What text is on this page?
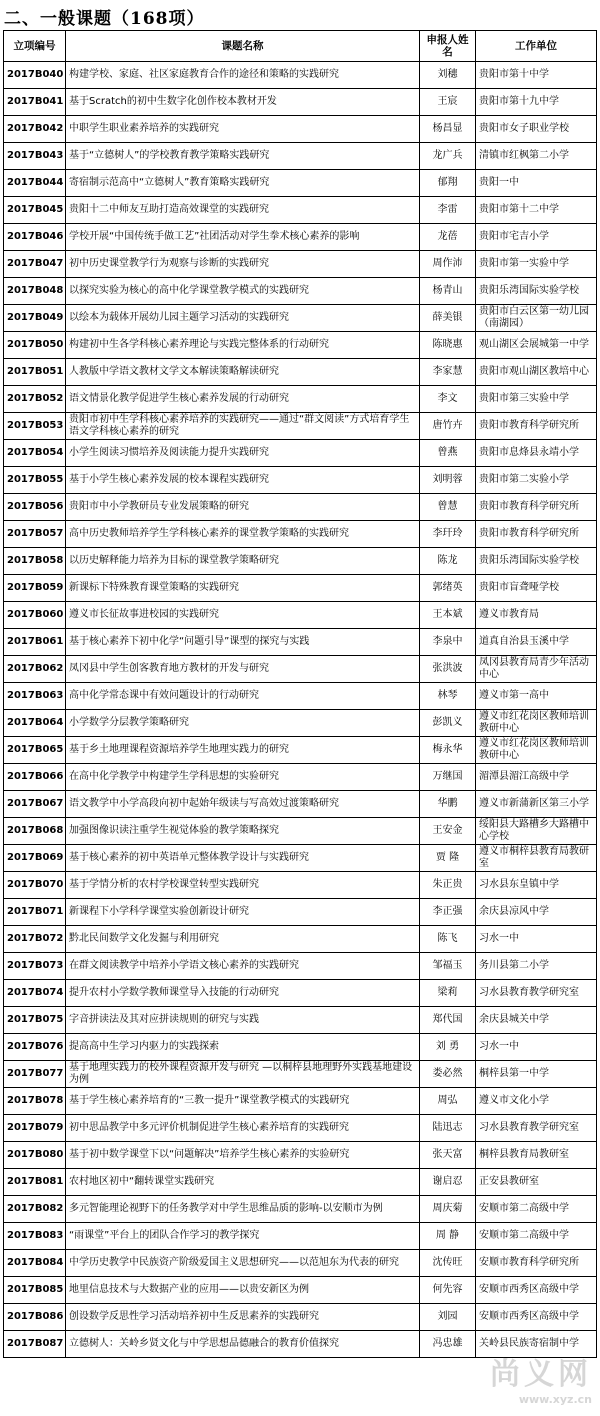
二、一般课题（168项）
立项编号	课题名称	申报人姓名	工作单位
2017B040	构建学校、家庭、社区家庭教育合作的途径和策略的实践研究	刘穗	贵阳市第十中学
2017B041	基于Scratch的初中生数字化创作校本教材开发	王宸	贵阳市第十九中学
2017B042	中职学生职业素养培养的实践研究	杨昌显	贵阳市女子职业学校
2017B043	基于“立德树人”的学校教育教学策略实践研究	龙广兵	清镇市红枫第二小学
2017B044	寄宿制示范高中“立德树人”教育策略实践研究	郁翔	贵阳一中
2017B045	贵阳十二中师友互助打造高效课堂的实践研究	李雷	贵阳市第十二中学
2017B046	学校开展“中国传统手做工艺”社团活动对学生拳术核心素养的影响	龙蓓	贵阳市宅吉小学
2017B047	初中历史课堂教学行为观察与诊断的实践研究	周作沛	贵阳市第一实验中学
2017B048	以探究实验为核心的高中化学课堂教学模式的实践研究	杨青山	贵阳乐湾国际实验学校
2017B049	以绘本为载体开展幼儿园主题学习活动的实践研究	薛美银	贵阳市白云区第一幼儿园（南湖园）
2017B050	构建初中生各学科核心素养理论与实践完整体系的行动研究	陈晓惠	观山湖区会展城第一中学
2017B051	人教版中学语文教材文学文本解读策略解读研究	李家慧	贵阳市观山湖区教培中心
2017B052	语文情景化教学促进学生核心素养发展的行动研究	李文	贵阳市第三实验中学
2017B053	贵阳市初中生学科核心素养培养的实践研究——通过“群文阅读”方式培育学生语文学科核心素养的研究	唐竹卉	贵阳市教育科学研究所
2017B054	小学生阅读习惯培养及阅读能力提升实践研究	曾燕	贵阳市息烽县永靖小学
2017B055	基于小学生核心素养发展的校本课程实践研究	刘明蓉	贵阳市第二实验小学
2017B056	贵阳市中小学教研员专业发展策略的研究	曾慧	贵阳市教育科学研究所
2017B057	高中历史教师培养学生学科核心素养的课堂教学策略的实践研究	李玕玲	贵阳市教育科学研究所
2017B058	以历史解释能力培养为目标的课堂教学策略研究	陈龙	贵阳乐湾国际实验学校
2017B059	新课标下特殊教育课堂策略的实践研究	郭绪英	贵阳市盲聋哑学校
2017B060	遵义市长征故事进校园的实践研究	王本斌	遵义市教育局
2017B061	基于核心素养下初中化学“问题引导”课型的探究与实践	李泉中	道真自治县玉溪中学
2017B062	凤冈县中学生创客教育地方教材的开发与研究	张洪波	凤冈县教育局青少年活动中心
2017B063	高中化学常态课中有效问题设计的行动研究	林琴	遵义市第一高中
2017B064	小学数学分层教学策略研究	彭凯义	遵义市红花岗区教师培训教研中心
2017B065	基于乡土地理课程资源培养学生地理实践力的研究	梅永华	遵义市红花岗区教师培训教研中心
2017B066	在高中化学教学中构建学生学科思想的实验研究	万继国	湄潭县湄江高级中学
2017B067	语文教学中小学高段向初中起始年级读与写高效过渡策略研究	华鹏	遵义市新蒲新区第三小学
2017B068	加强图像识读注重学生视觉体验的教学策略探究	王安金	绥阳县大路槽乡大路槽中心学校
2017B069	基于核心素养的初中英语单元整体教学设计与实践研究	贾 隆	遵义市桐梓县教育局教研室
2017B070	基于学情分析的农村学校课堂转型实践研究	朱正贵	习水县东皇镇中学
2017B071	新课程下小学科学课堂实验创新设计研究	李正强	余庆县凉风中学
2017B072	黔北民间数学文化发掘与利用研究	陈飞	习水一中
2017B073	在群文阅读教学中培养小学语文核心素养的实践研究	邹福玉	务川县第二小学
2017B074	提升农村小学数学教师课堂导入技能的行动研究	梁莉	习水县教育教学研究室
2017B075	字音拼读法及其对应拼读规则的研究与实践	郑代国	余庆县城关中学
2017B076	提高高中生学习内驱力的实践探索	刘 勇	习水一中
2017B077	基于地理实践力的校外课程资源开发与研究 —以桐梓县地理野外实践基地建设为例	娄必然	桐梓县第一中学
2017B078	基于学生核心素养培育的“三教一提升”课堂教学模式的实践研究	周弘	遵义市文化小学
2017B079	初中思品教学中多元评价机制促进学生核心素养培育的实践研究	陆迅志	习水县教育教学研究室
2017B080	基于初中数学课堂下以“问题解决”培养学生核心素养的实验研究	张天富	桐梓县教育局教研室
2017B081	农村地区初中“翻转课堂实践研究	谢启忍	正安县教研室
2017B082	多元智能理论视野下的任务教学对中学生思维品质的影响-以安顺市为例	周庆菊	安顺市第二高级中学
2017B083	“雨课堂”平台上的团队合作学习的教学探究	周 静	安顺市第二高级中学
2017B084	中学历史教学中民族资产阶级爱国主义思想研究——以范旭东为代表的研究	沈传旺	安顺市教育科学研究所
2017B085	地里信息技术与大数据产业的应用——以贵安新区为例	何先容	安顺市西秀区高级中学
2017B086	创设数学反思性学习活动培养初中生反思素养的实践研究	刘园	安顺市西秀区高级中学
2017B087	立德树人：关岭乡贤文化与中学思想品德融合的教育价值探究	冯忠雄	关岭县民族寄宿制中学
尚义网
www.xyz.cn
